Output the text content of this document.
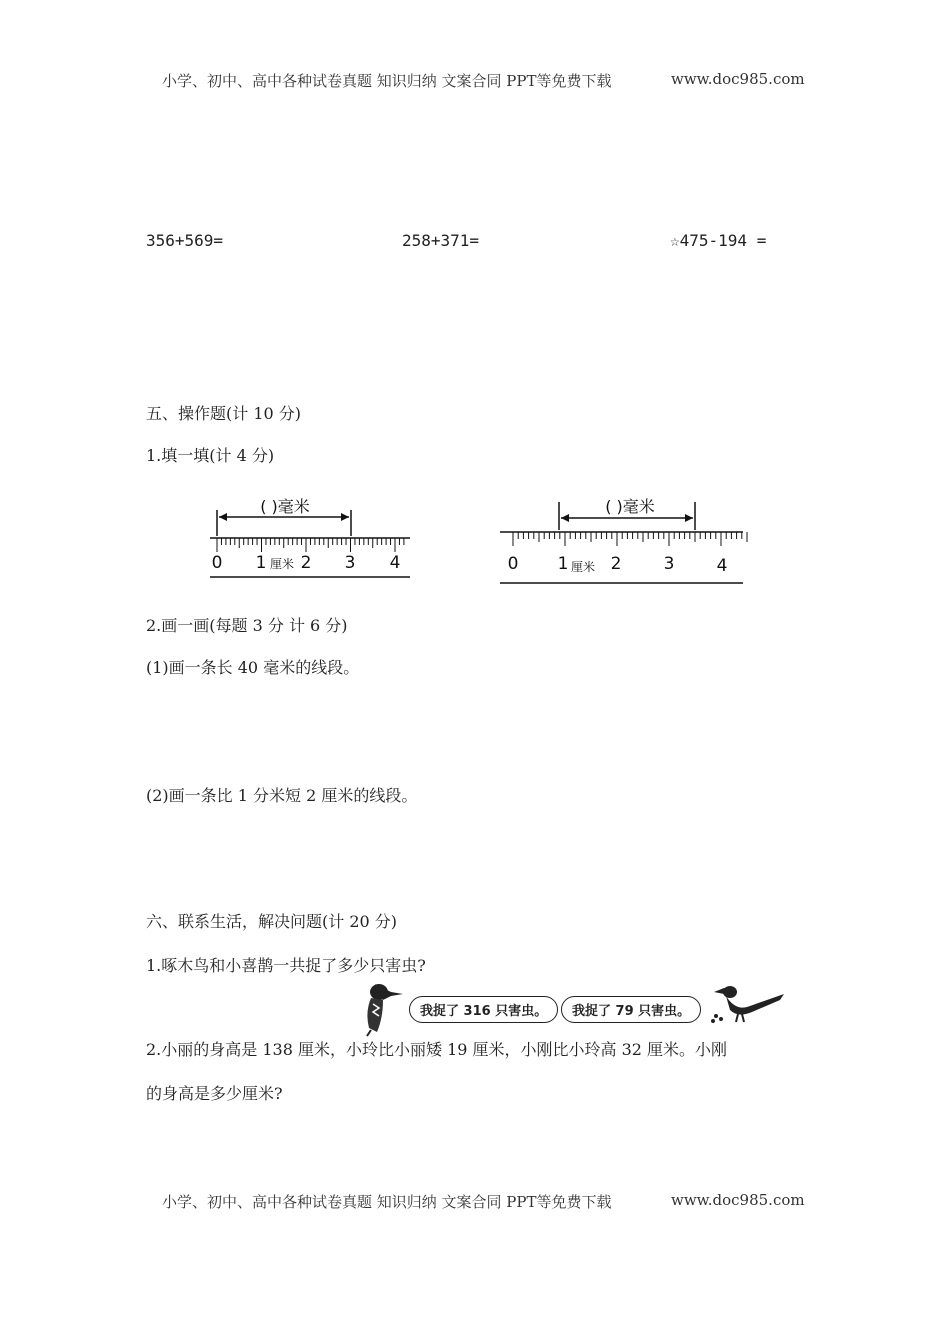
小学、初中、高中各种试卷真题 知识归纳 文案合同 PPT等免费下载	www.doc985.com
356+569=	258+371=	☆475-194 =
五、操作题(计 10 分)
1.填一填(计 4 分)
( )毫米
0 1 厘米 2 3 4
( )毫米
0 1 厘米 2 3 4
2.画一画(每题 3 分 计 6 分)
(1)画一条长 40 毫米的线段。
(2)画一条比 1 分米短 2 厘米的线段。
六、联系生活，解决问题(计 20 分)
1.啄木鸟和小喜鹊一共捉了多少只害虫?
我捉了 316 只害虫。	我捉了 79 只害虫。
2.小丽的身高是 138 厘米，小玲比小丽矮 19 厘米，小刚比小玲高 32 厘米。小刚
的身高是多少厘米?
小学、初中、高中各种试卷真题 知识归纳 文案合同 PPT等免费下载	www.doc985.com
